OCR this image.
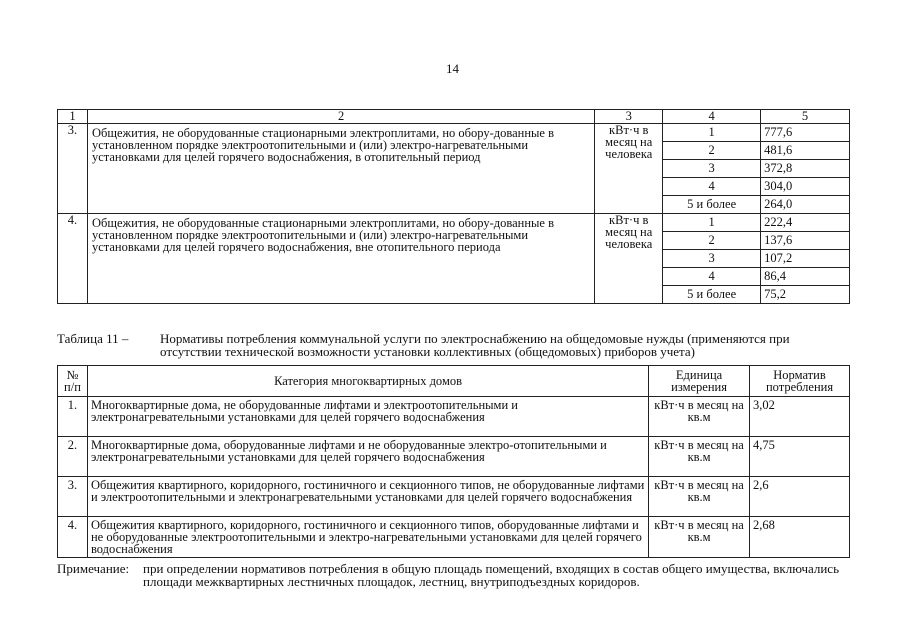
14
1	2	3	4	5
3.	Общежития, не оборудованные стационарными электроплитами, но обору-дованные в установленном порядке электроотопительными и (или) электро-нагревательными установками для целей горячего водоснабжения, в отопительный период	кВт·ч в месяц на человека	1	777,6
			2	481,6
			3	372,8
			4	304,0
			5 и более	264,0
4.	Общежития, не оборудованные стационарными электроплитами, но обору-дованные в установленном порядке электроотопительными и (или) электро-нагревательными установками для целей горячего водоснабжения, вне отопительного периода	кВт·ч в месяц на человека	1	222,4
			2	137,6
			3	107,2
			4	86,4
			5 и более	75,2
Таблица 11 – Нормативы потребления коммунальной услуги по электроснабжению на общедомовые нужды (применяются при отсутствии технической возможности установки коллективных (общедомовых) приборов учета)
№ п/п	Категория многоквартирных домов	Единица измерения	Норматив потребления
1.	Многоквартирные дома, не оборудованные лифтами и электроотопительными и электронагревательными установками для целей горячего водоснабжения	кВт·ч в месяц на кв.м	3,02
2.	Многоквартирные дома, оборудованные лифтами и не оборудованные электро-отопительными и электронагревательными установками для целей горячего водоснабжения	кВт·ч в месяц на кв.м	4,75
3.	Общежития квартирного, коридорного, гостиничного и секционного типов, не оборудованные лифтами и электроотопительными и электронагревательными установками для целей горячего водоснабжения	кВт·ч в месяц на кв.м	2,6
4.	Общежития квартирного, коридорного, гостиничного и секционного типов, оборудованные лифтами и не оборудованные электроотопительными и электро-нагревательными установками для целей горячего водоснабжения	кВт·ч в месяц на кв.м	2,68
Примечание: при определении нормативов потребления в общую площадь помещений, входящих в состав общего имущества, включались площади межквартирных лестничных площадок, лестниц, внутриподъездных коридоров.
